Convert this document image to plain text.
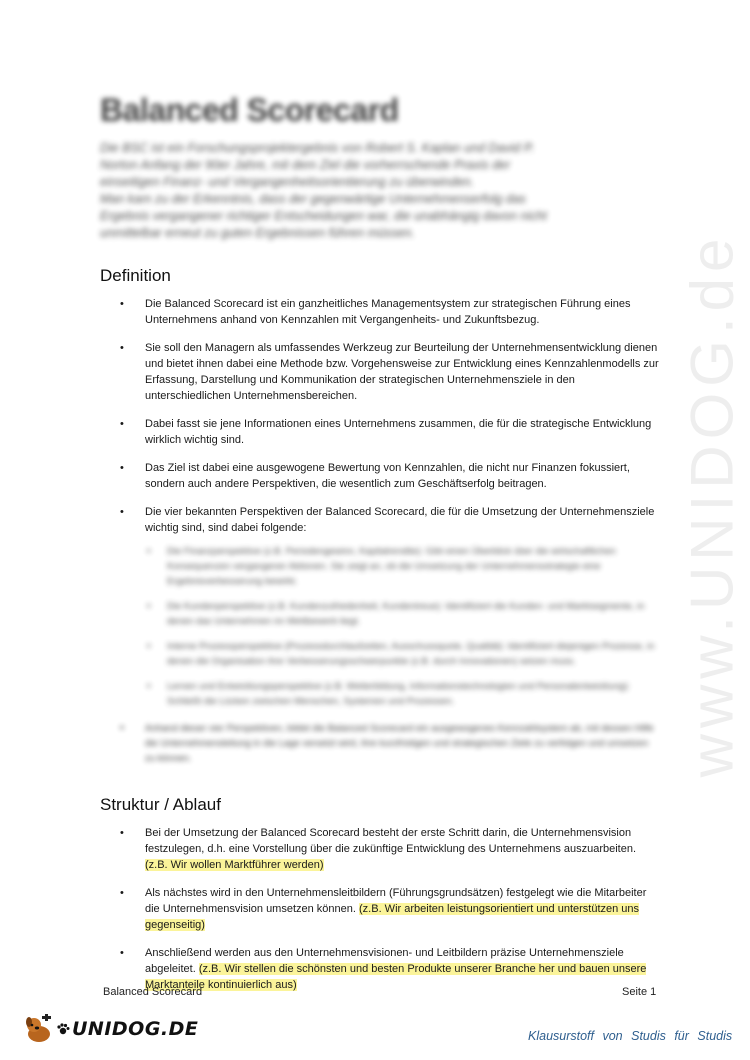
www.UNIDOG.de
Balanced Scorecard

Die BSC ist ein Forschungsprojektergebnis von Robert S. Kaplan und David P.

Norton Anfang der 90er Jahre, mit dem Ziel die vorherrschende Praxis der

einseitigen Finanz- und Vergangenheitsorientierung zu überwinden.

Man kam zu der Erkenntnis, dass der gegenwärtige Unternehmenserfolg das

Ergebnis vergangener richtiger Entscheidungen war, die unabhängig davon nicht

unmittelbar erneut zu guten Ergebnissen führen müssen.

Definition
• Die Balanced Scorecard ist ein ganzheitliches Managementsystem zur strategischen Führung eines Unternehmens anhand von Kennzahlen mit Vergangenheits- und Zukunftsbezug.
• Sie soll den Managern als umfassendes Werkzeug zur Beurteilung der Unternehmensentwicklung dienen und bietet ihnen dabei eine Methode bzw. Vorgehensweise zur Entwicklung eines Kennzahlenmodells zur Erfassung, Darstellung und Kommunikation der strategischen Unternehmensziele in den unterschiedlichen Unternehmensbereichen.
• Dabei fasst sie jene Informationen eines Unternehmens zusammen, die für die strategische Entwicklung wirklich wichtig sind.
• Das Ziel ist dabei eine ausgewogene Bewertung von Kennzahlen, die nicht nur Finanzen fokussiert, sondern auch andere Perspektiven, die wesentlich zum Geschäftserfolg beitragen.
• Die vier bekannten Perspektiven der Balanced Scorecard, die für die Umsetzung der Unternehmensziele wichtig sind, sind dabei folgende:
▪ Die Finanzperspektive (z.B. Periodengewinn, Kapitalrendite): Gibt einen Überblick über die wirtschaftlichen Konsequenzen vergangener Aktionen. Sie zeigt an, ob die Umsetzung der Unternehmensstrategie eine Ergebnisverbesserung bewirkt.
▪ Die Kundenperspektive (z.B. Kundenzufriedenheit, Kundentreue): Identifiziert die Kunden- und Marktsegmente, in denen das Unternehmen im Wettbewerb liegt.
▪ Interne Prozessperspektive (Prozessdurchlaufzeiten, Ausschussquote, Qualität): Identifiziert diejenigen Prozesse, in denen die Organisation ihre Verbesserungsschwerpunkte (z.B. durch Innovationen) setzen muss.
▪ Lernen und Entwicklungsperspektive (z.B. Weiterbildung, Informationstechnologien und Personalentwicklung): Schließt die Lücken zwischen Menschen, Systemen und Prozessen.
• Anhand dieser vier Perspektiven, bildet die Balanced Scorecard ein ausgewogenes Kennzahlsystem ab, mit dessen Hilfe die Unternehmensleitung in die Lage versetzt wird, ihre kurzfristigen und strategischen Ziele zu verfolgen und umsetzen zu können.
Struktur / Ablauf
• Bei der Umsetzung der Balanced Scorecard besteht der erste Schritt darin, die Unternehmensvision festzulegen, d.h. eine Vorstellung über die zukünftige Entwicklung des Unternehmens auszuarbeiten. (z.B. Wir wollen Marktführer werden)
• Als nächstes wird in den Unternehmensleitbildern (Führungsgrundsätzen) festgelegt wie die Mitarbeiter die Unternehmensvision umsetzen können. (z.B. Wir arbeiten leistungsorientiert und unterstützen uns gegenseitig)
• Anschließend werden aus den Unternehmensvisionen- und Leitbildern präzise Unternehmensziele abgeleitet. (z.B. Wir stellen die schönsten und besten Produkte unserer Branche her und bauen unsere Marktanteile kontinuierlich aus)
Balanced Scorecard	Seite 1
UNIDOG.DE	Klausurstoff von Studis für Studis
